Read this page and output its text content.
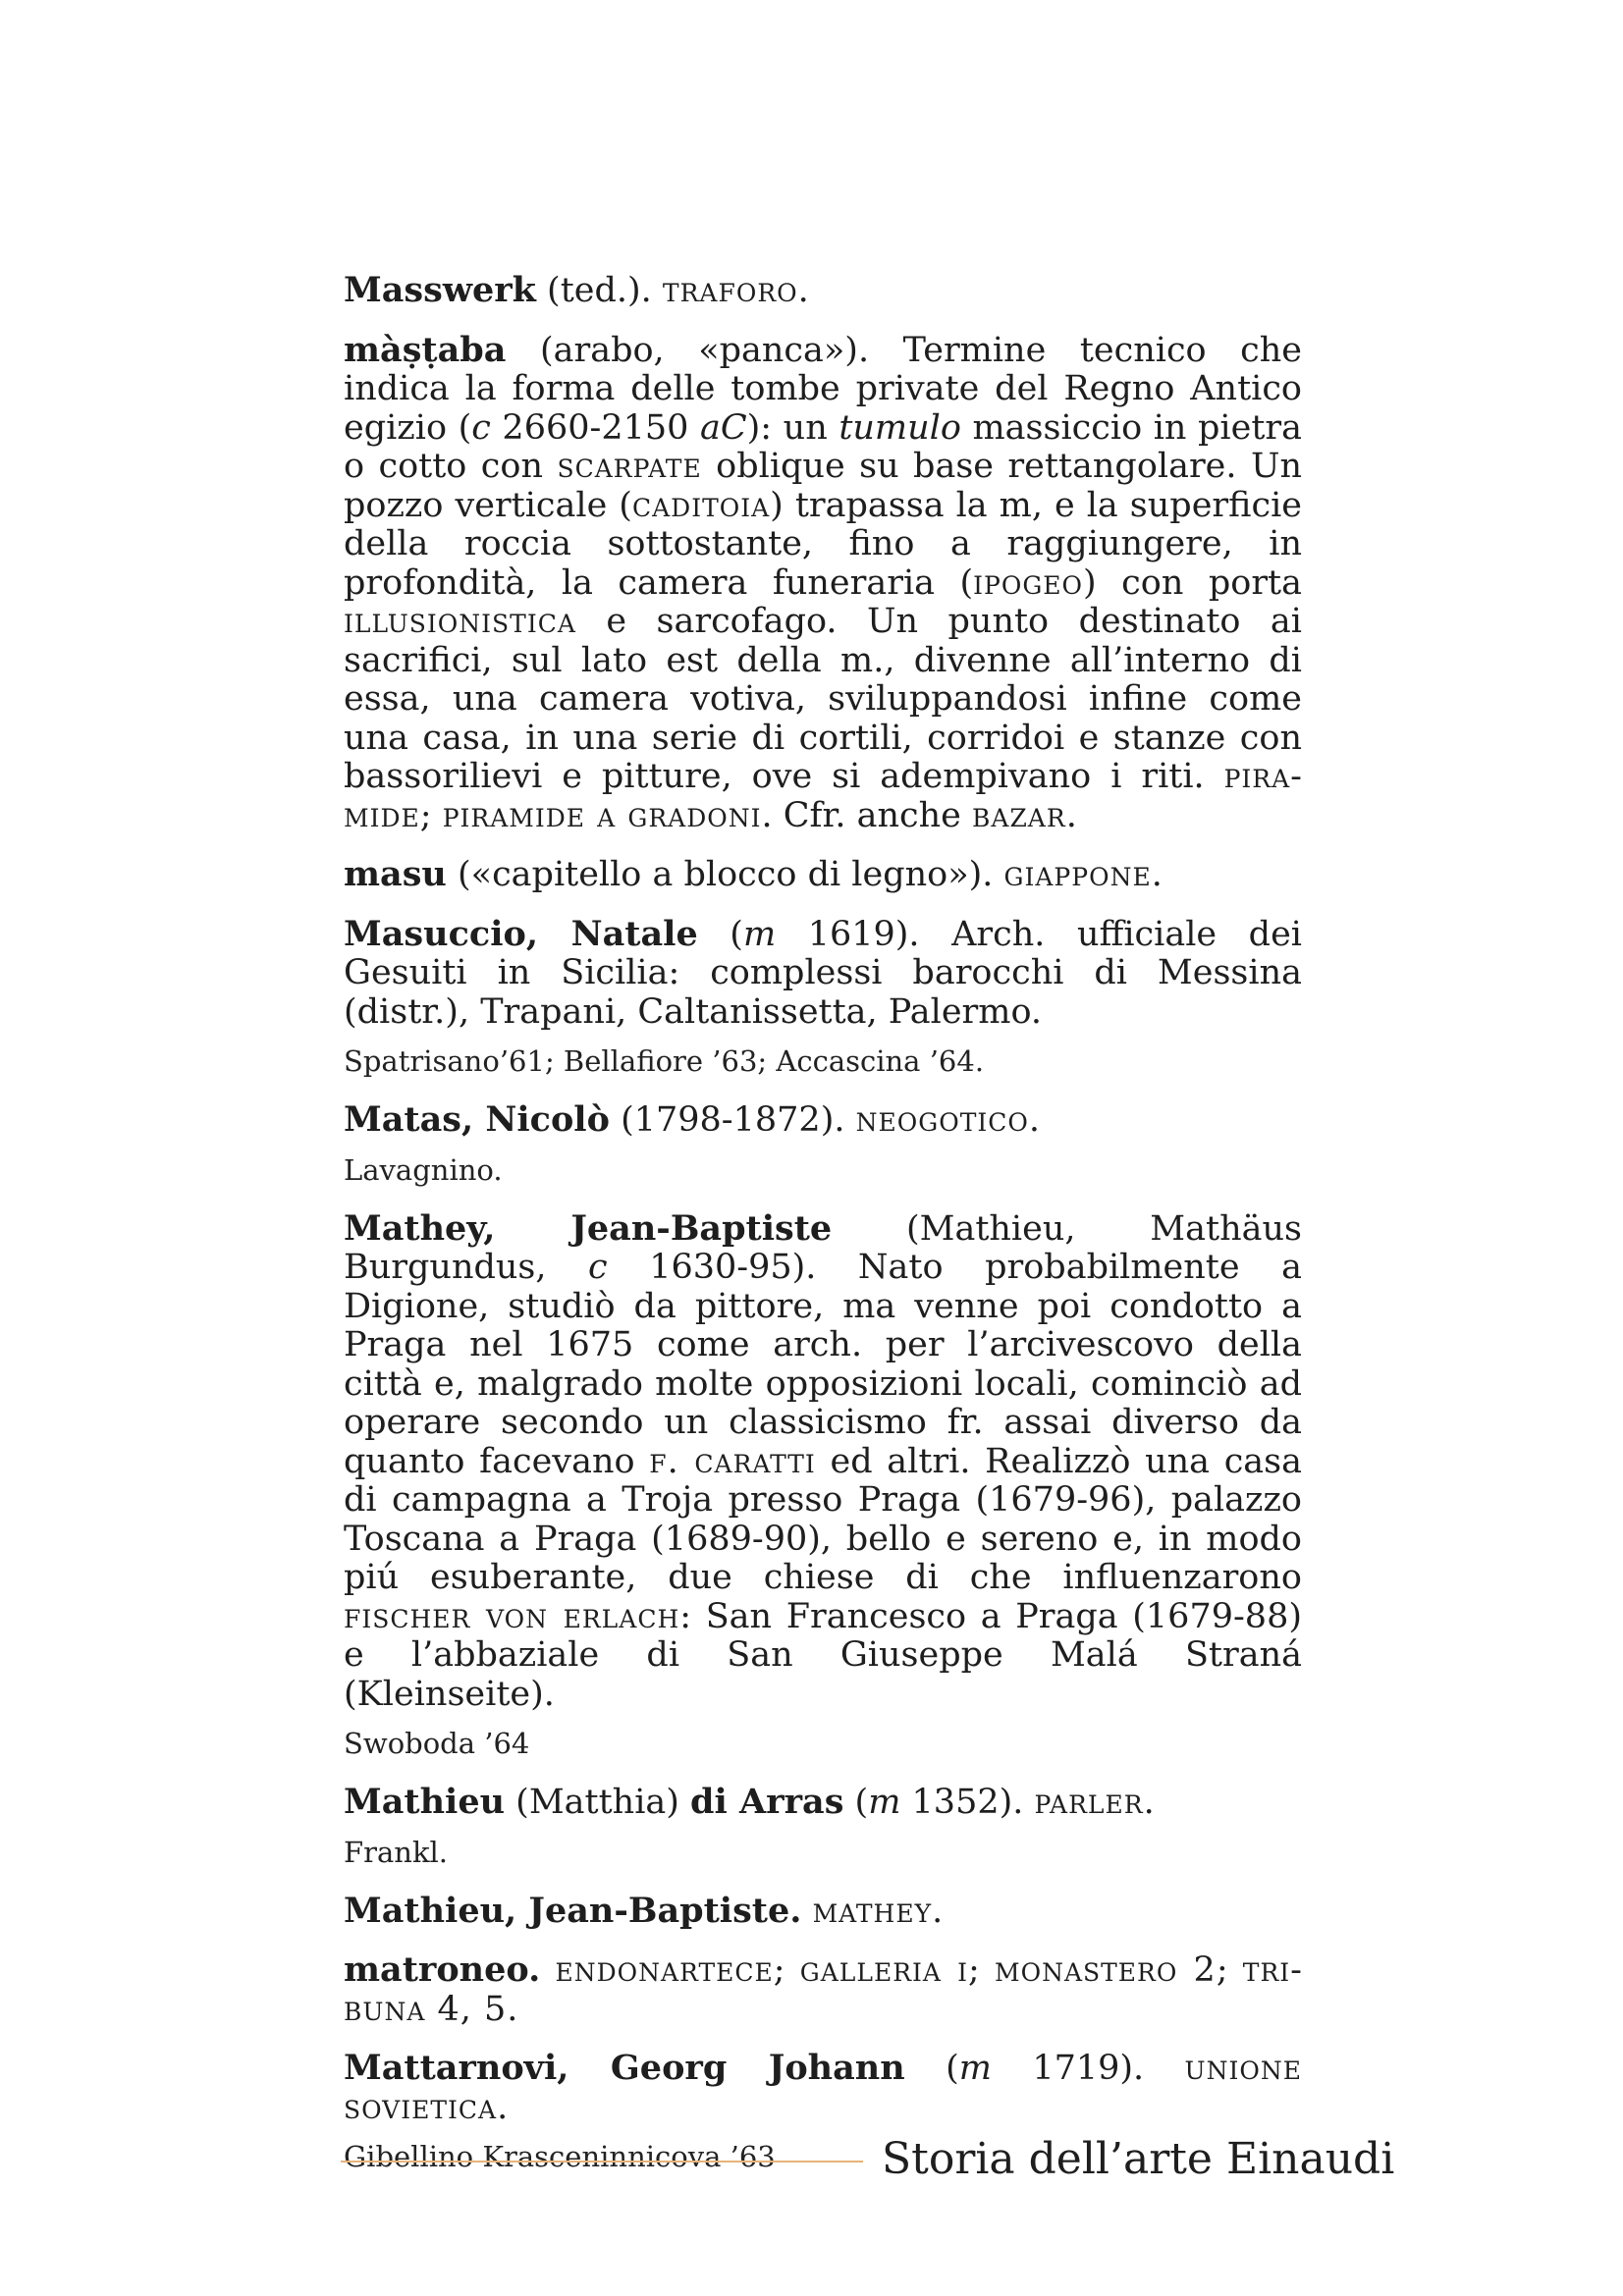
Masswerk (ted.). traforo.

màṣṭaba (arabo, «panca»). Termine tecnico che indica la forma delle tombe private del Regno Antico egizio (c 2660-2150 aC): un tumulo massiccio in pietra o cotto con scarpate oblique su base rettangolare. Un pozzo verticale (caditoia) trapassa la m, e la superficie della roccia sottostante, fino a raggiungere, in profondità, la camera funeraria (ipogeo) con porta illusionistica e sarcofago. Un punto destinato ai sacrifici, sul lato est della m., divenne all’interno di essa, una camera votiva, sviluppandosi infine come una casa, in una serie di cortili, corridoi e stanze con bassorilievi e pitture, ove si adempivano i riti. piramide; piramide a gradoni. Cfr. anche bazar.

masu («capitello a blocco di legno»). giappone.

Masuccio, Natale (m 1619). Arch. ufficiale dei Gesuiti in Sicilia: complessi barocchi di Messina (distr.), Trapani, Caltanissetta, Palermo.

Spatrisano’61; Bellafiore ’63; Accascina ’64.

Matas, Nicolò (1798-1872). neogotico.

Lavagnino.

Mathey, Jean-Baptiste (Mathieu, Mathäus Burgundus, c 1630-95). Nato probabilmente a Digione, studiò da pittore, ma venne poi condotto a Praga nel 1675 come arch. per l’arcivescovo della città e, malgrado molte opposizioni locali, cominciò ad operare secondo un classicismo fr. assai diverso da quanto facevano f. caratti ed altri. Realizzò una casa di campagna a Troja presso Praga (1679-96), palazzo Toscana a Praga (1689-90), bello e sereno e, in modo piú esuberante, due chiese di che influenzarono fischer von erlach: San Francesco a Praga (1679-88) e l’abbaziale di San Giuseppe Malá Straná (Kleinseite).

Swoboda ’64

Mathieu (Matthia) di Arras (m 1352). parler.

Frankl.

Mathieu, Jean-Baptiste. mathey.

matroneo. endonartece; galleria i; monastero 2; tribuna 4, 5.

Mattarnovi, Georg Johann (m 1719). unione sovietica.

Gibellino Krasceninnicova ’63	Storia dell’arte Einaudi
